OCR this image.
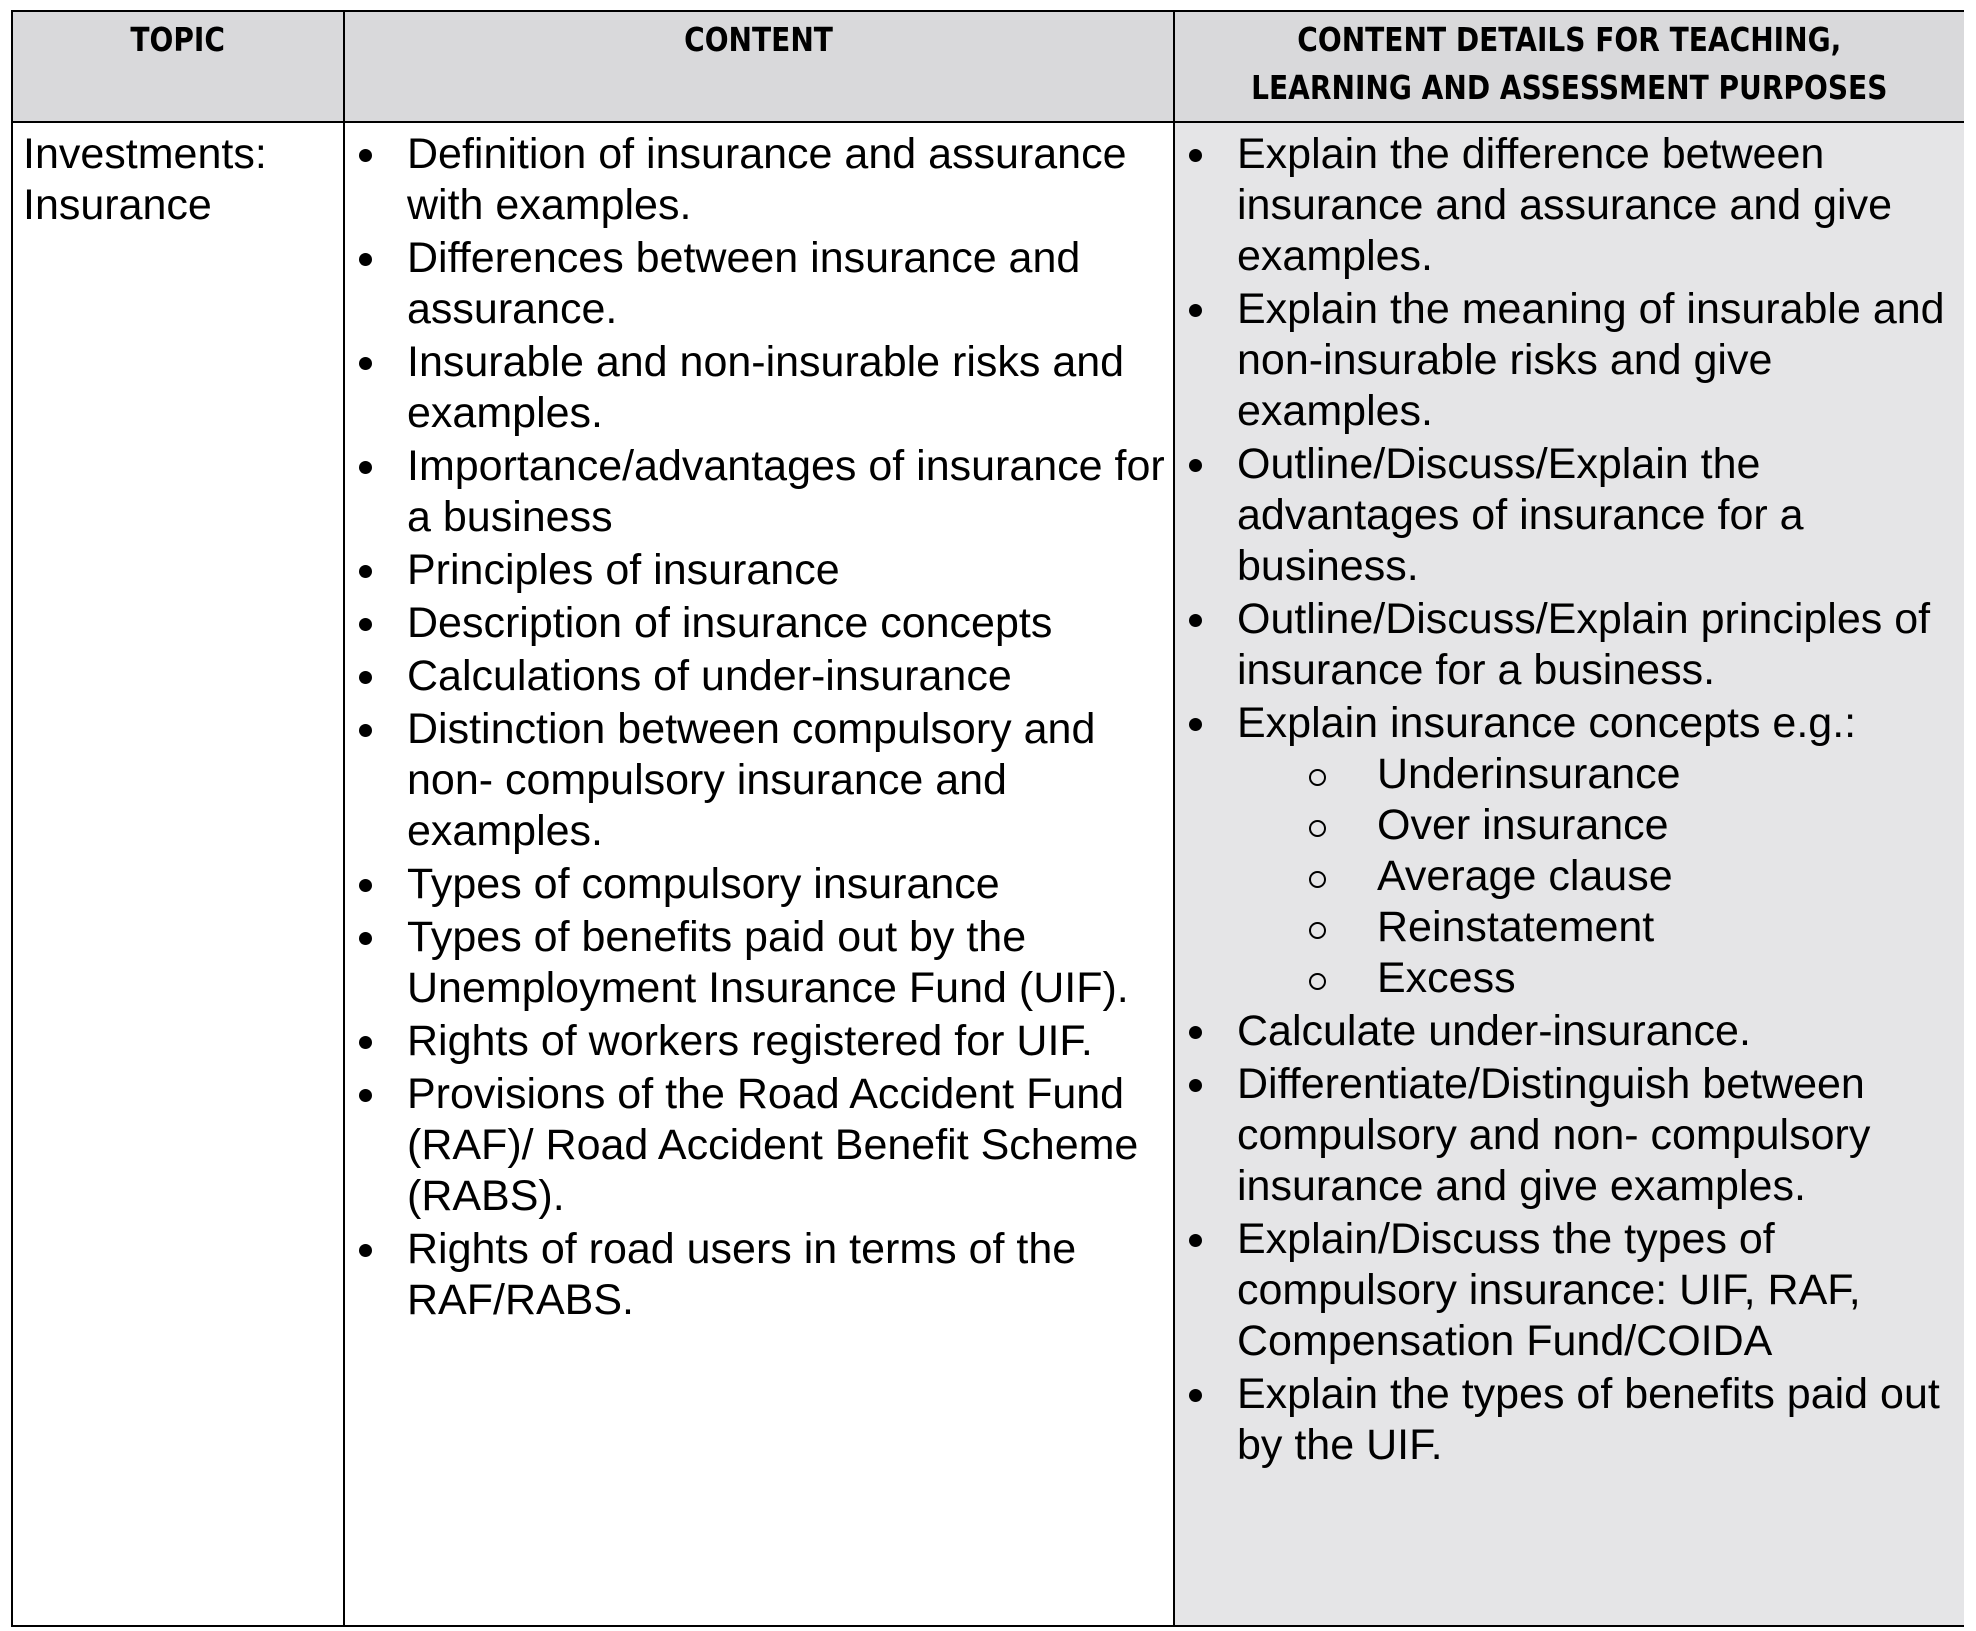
TOPIC	CONTENT	CONTENT DETAILS FOR TEACHING,
LEARNING AND ASSESSMENT PURPOSES
Investments:
Insurance
Definition of insurance and assurance with examples.
Differences between insurance and assurance.
Insurable and non-insurable risks and examples.
Importance/advantages of insurance for a business
Principles of insurance
Description of insurance concepts
Calculations of under-insurance
Distinction between compulsory and non- compulsory insurance and examples.
Types of compulsory insurance
Types of benefits paid out by the Unemployment Insurance Fund (UIF).
Rights of workers registered for UIF.
Provisions of the Road Accident Fund (RAF)/ Road Accident Benefit Scheme (RABS).
Rights of road users in terms of the RAF/RABS.
Explain the difference between insurance and assurance and give examples.
Explain the meaning of insurable and non-insurable risks and give examples.
Outline/Discuss/Explain the advantages of insurance for a business.
Outline/Discuss/Explain principles of insurance for a business.
Explain insurance concepts e.g.:
Underinsurance
Over insurance
Average clause
Reinstatement
Excess
Calculate under-insurance.
Differentiate/Distinguish between compulsory and non- compulsory insurance and give examples.
Explain/Discuss the types of compulsory insurance: UIF, RAF, Compensation Fund/COIDA
Explain the types of benefits paid out by the UIF.
